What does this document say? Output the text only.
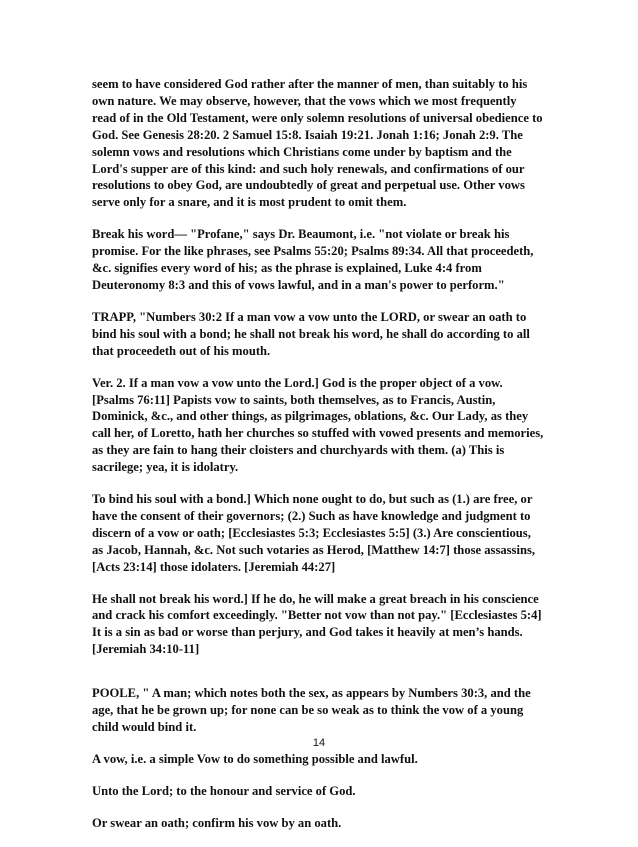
seem to have considered God rather after the manner of men, than suitably to his
own nature. We may observe, however, that the vows which we most frequently
read of in the Old Testament, were only solemn resolutions of universal obedience to
God. See Genesis 28:20. 2 Samuel 15:8. Isaiah 19:21. Jonah 1:16; Jonah 2:9. The
solemn vows and resolutions which Christians come under by baptism and the
Lord's supper are of this kind: and such holy renewals, and confirmations of our
resolutions to obey God, are undoubtedly of great and perpetual use. Other vows
serve only for a snare, and it is most prudent to omit them.

Break his word— "Profane," says Dr. Beaumont, i.e. "not violate or break his
promise. For the like phrases, see Psalms 55:20; Psalms 89:34. All that proceedeth,
&c. signifies every word of his; as the phrase is explained, Luke 4:4 from
Deuteronomy 8:3 and this of vows lawful, and in a man's power to perform."

TRAPP, "Numbers 30:2 If a man vow a vow unto the LORD, or swear an oath to
bind his soul with a bond; he shall not break his word, he shall do according to all
that proceedeth out of his mouth.

Ver. 2. If a man vow a vow unto the Lord.] God is the proper object of a vow.
[Psalms 76:11] Papists vow to saints, both themselves, as to Francis, Austin,
Dominick, &c., and other things, as pilgrimages, oblations, &c. Our Lady, as they
call her, of Loretto, hath her churches so stuffed with vowed presents and memories,
as they are fain to hang their cloisters and churchyards with them. (a) This is
sacrilege; yea, it is idolatry.

To bind his soul with a bond.] Which none ought to do, but such as (1.) are free, or
have the consent of their governors; (2.) Such as have knowledge and judgment to
discern of a vow or oath; [Ecclesiastes 5:3; Ecclesiastes 5:5] (3.) Are conscientious,
as Jacob, Hannah, &c. Not such votaries as Herod, [Matthew 14:7] those assassins,
[Acts 23:14] those idolaters. [Jeremiah 44:27]

He shall not break his word.] If he do, he will make a great breach in his conscience
and crack his comfort exceedingly. "Better not vow than not pay." [Ecclesiastes 5:4]
It is a sin as bad or worse than perjury, and God takes it heavily at men’s hands.
[Jeremiah 34:10-11]

POOLE, " A man; which notes both the sex, as appears by Numbers 30:3, and the
age, that he be grown up; for none can be so weak as to think the vow of a young
child would bind it.

A vow, i.e. a simple Vow to do something possible and lawful.

Unto the Lord; to the honour and service of God.

Or swear an oath; confirm his vow by an oath.

14
